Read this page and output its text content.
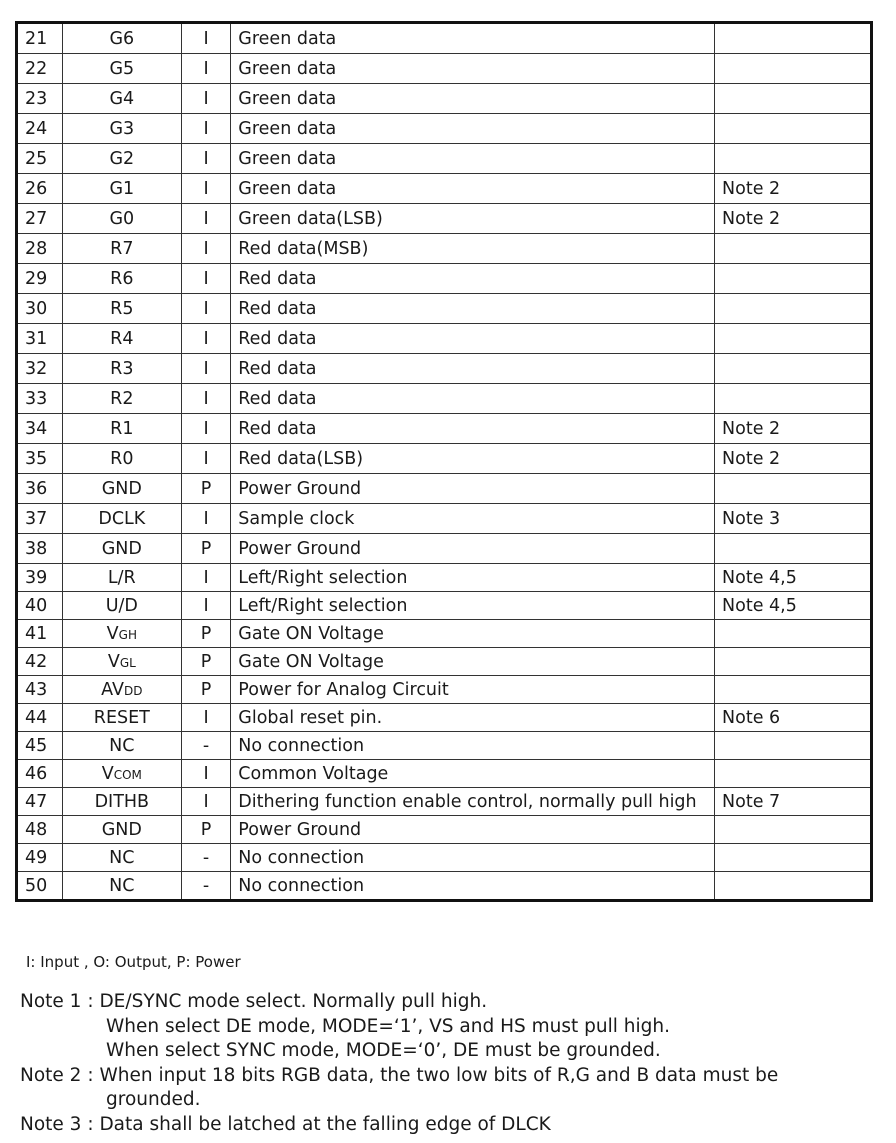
21	G6	I	Green data	
22	G5	I	Green data	
23	G4	I	Green data	
24	G3	I	Green data	
25	G2	I	Green data	
26	G1	I	Green data	Note 2
27	G0	I	Green data(LSB)	Note 2
28	R7	I	Red data(MSB)	
29	R6	I	Red data	
30	R5	I	Red data	
31	R4	I	Red data	
32	R3	I	Red data	
33	R2	I	Red data	
34	R1	I	Red data	Note 2
35	R0	I	Red data(LSB)	Note 2
36	GND	P	Power Ground	
37	DCLK	I	Sample clock	Note 3
38	GND	P	Power Ground	
39	L/R	I	Left/Right selection	Note 4,5
40	U/D	I	Left/Right selection	Note 4,5
41	VGH	P	Gate ON Voltage	
42	VGL	P	Gate ON Voltage	
43	AVDD	P	Power for Analog Circuit	
44	RESET	I	Global reset pin.	Note 6
45	NC	-	No connection	
46	VCOM	I	Common Voltage	
47	DITHB	I	Dithering function enable control, normally pull high	Note 7
48	GND	P	Power Ground	
49	NC	-	No connection	
50	NC	-	No connection	
I: Input , O: Output, P: Power
Note 1 : DE/SYNC mode select. Normally pull high.
When select DE mode, MODE=‘1’, VS and HS must pull high.
When select SYNC mode, MODE=‘0’, DE must be grounded.
Note 2 : When input 18 bits RGB data, the two low bits of R,G and B data must be
grounded.
Note 3 : Data shall be latched at the falling edge of DLCK
